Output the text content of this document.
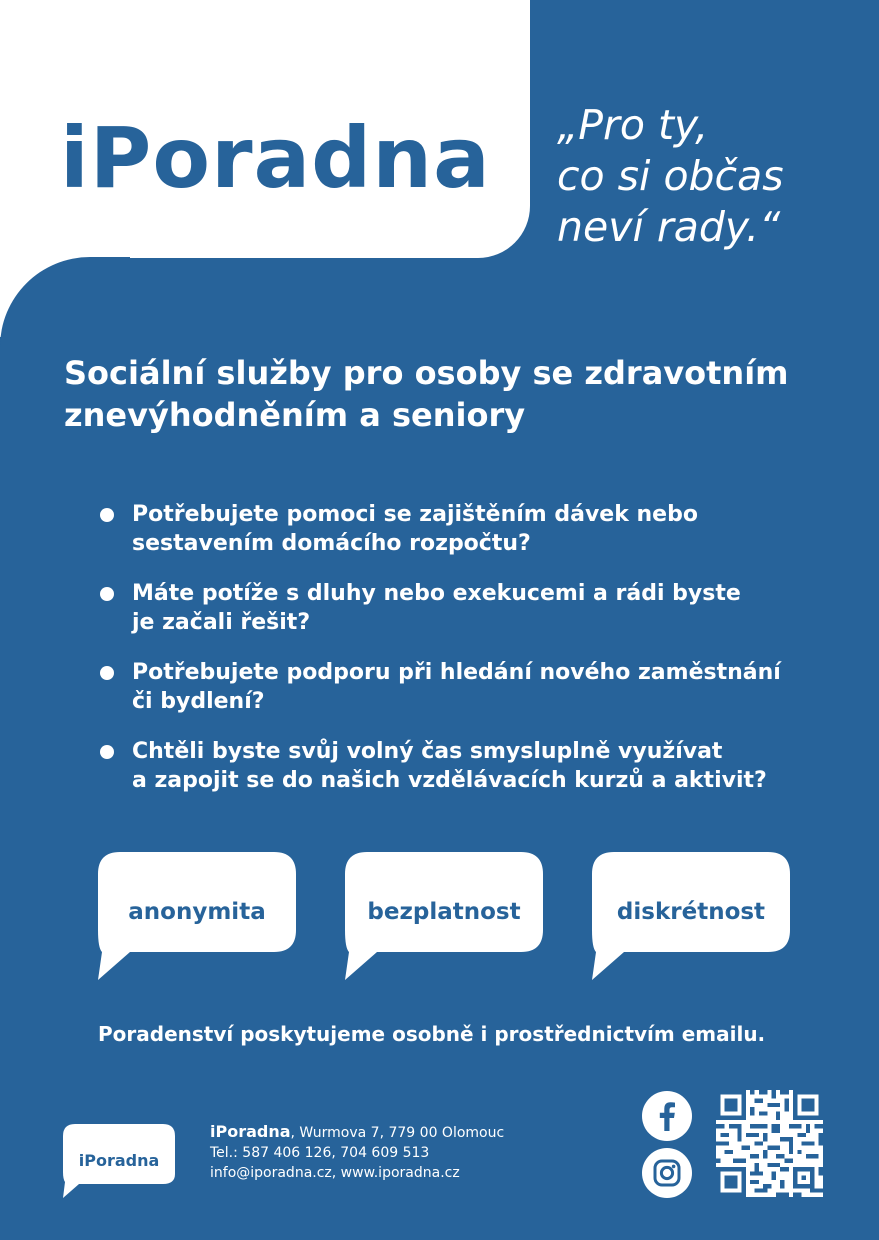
iPoradna „Pro ty,
co si občas
neví rady.“
Sociální služby pro osoby se zdravotním
znevýhodněním a seniory
Potřebujete pomoci se zajištěním dávek nebo
sestavením domácího rozpočtu?
Máte potíže s dluhy nebo exekucemi a rádi byste
je začali řešit?
Potřebujete podporu při hledání nového zaměstnání
či bydlení?
Chtěli byste svůj volný čas smysluplně využívat
a zapojit se do našich vzdělávacích kurzů a aktivit?
anonymita	bezplatnost	diskrétnost
Poradenství poskytujeme osobně i prostřednictvím emailu.
iPoradna
iPoradna, Wurmova 7, 779 00 Olomouc
Tel.: 587 406 126, 704 609 513
info@iporadna.cz, www.iporadna.cz
